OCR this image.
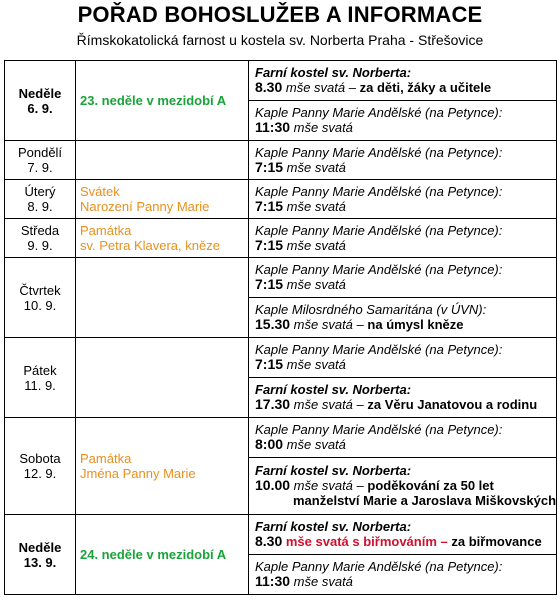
POŘAD BOHOSLUŽEB A INFORMACE
Římskokatolická farnost u kostela sv. Norberta Praha - Střešovice
Neděle
6. 9.	23. neděle v mezidobí A	Farní kostel sv. Norberta:
8.30 mše svatá – za děti, žáky a učitele

		Kaple Panny Marie Andělské (na Petynce):
11:30 mše svatá

Pondělí
7. 9.		Kaple Panny Marie Andělské (na Petynce):
7:15 mše svatá

Úterý
8. 9.	Svátek
Narození Panny Marie	Kaple Panny Marie Andělské (na Petynce):
7:15 mše svatá

Středa
9. 9.	Památka
sv. Petra Klavera, kněze	Kaple Panny Marie Andělské (na Petynce):
7:15 mše svatá

Čtvrtek
10. 9.		Kaple Panny Marie Andělské (na Petynce):
7:15 mše svatá

		Kaple Milosrdného Samaritána (v ÚVN):
15.30 mše svatá – na úmysl kněze

Pátek
11. 9.		Kaple Panny Marie Andělské (na Petynce):
7:15 mše svatá

		Farní kostel sv. Norberta:
17.30 mše svatá – za Věru Janatovou a rodinu

Sobota
12. 9.	Památka
Jména Panny Marie	Kaple Panny Marie Andělské (na Petynce):
8:00 mše svatá

		Farní kostel sv. Norberta:
10.00 mše svatá – poděkování za 50 let
manželství Marie a Jaroslava Miškovských

Neděle
13. 9.	24. neděle v mezidobí A	Farní kostel sv. Norberta:
8.30 mše svatá s biřmováním – za biřmovance

		Kaple Panny Marie Andělské (na Petynce):
11:30 mše svatá
